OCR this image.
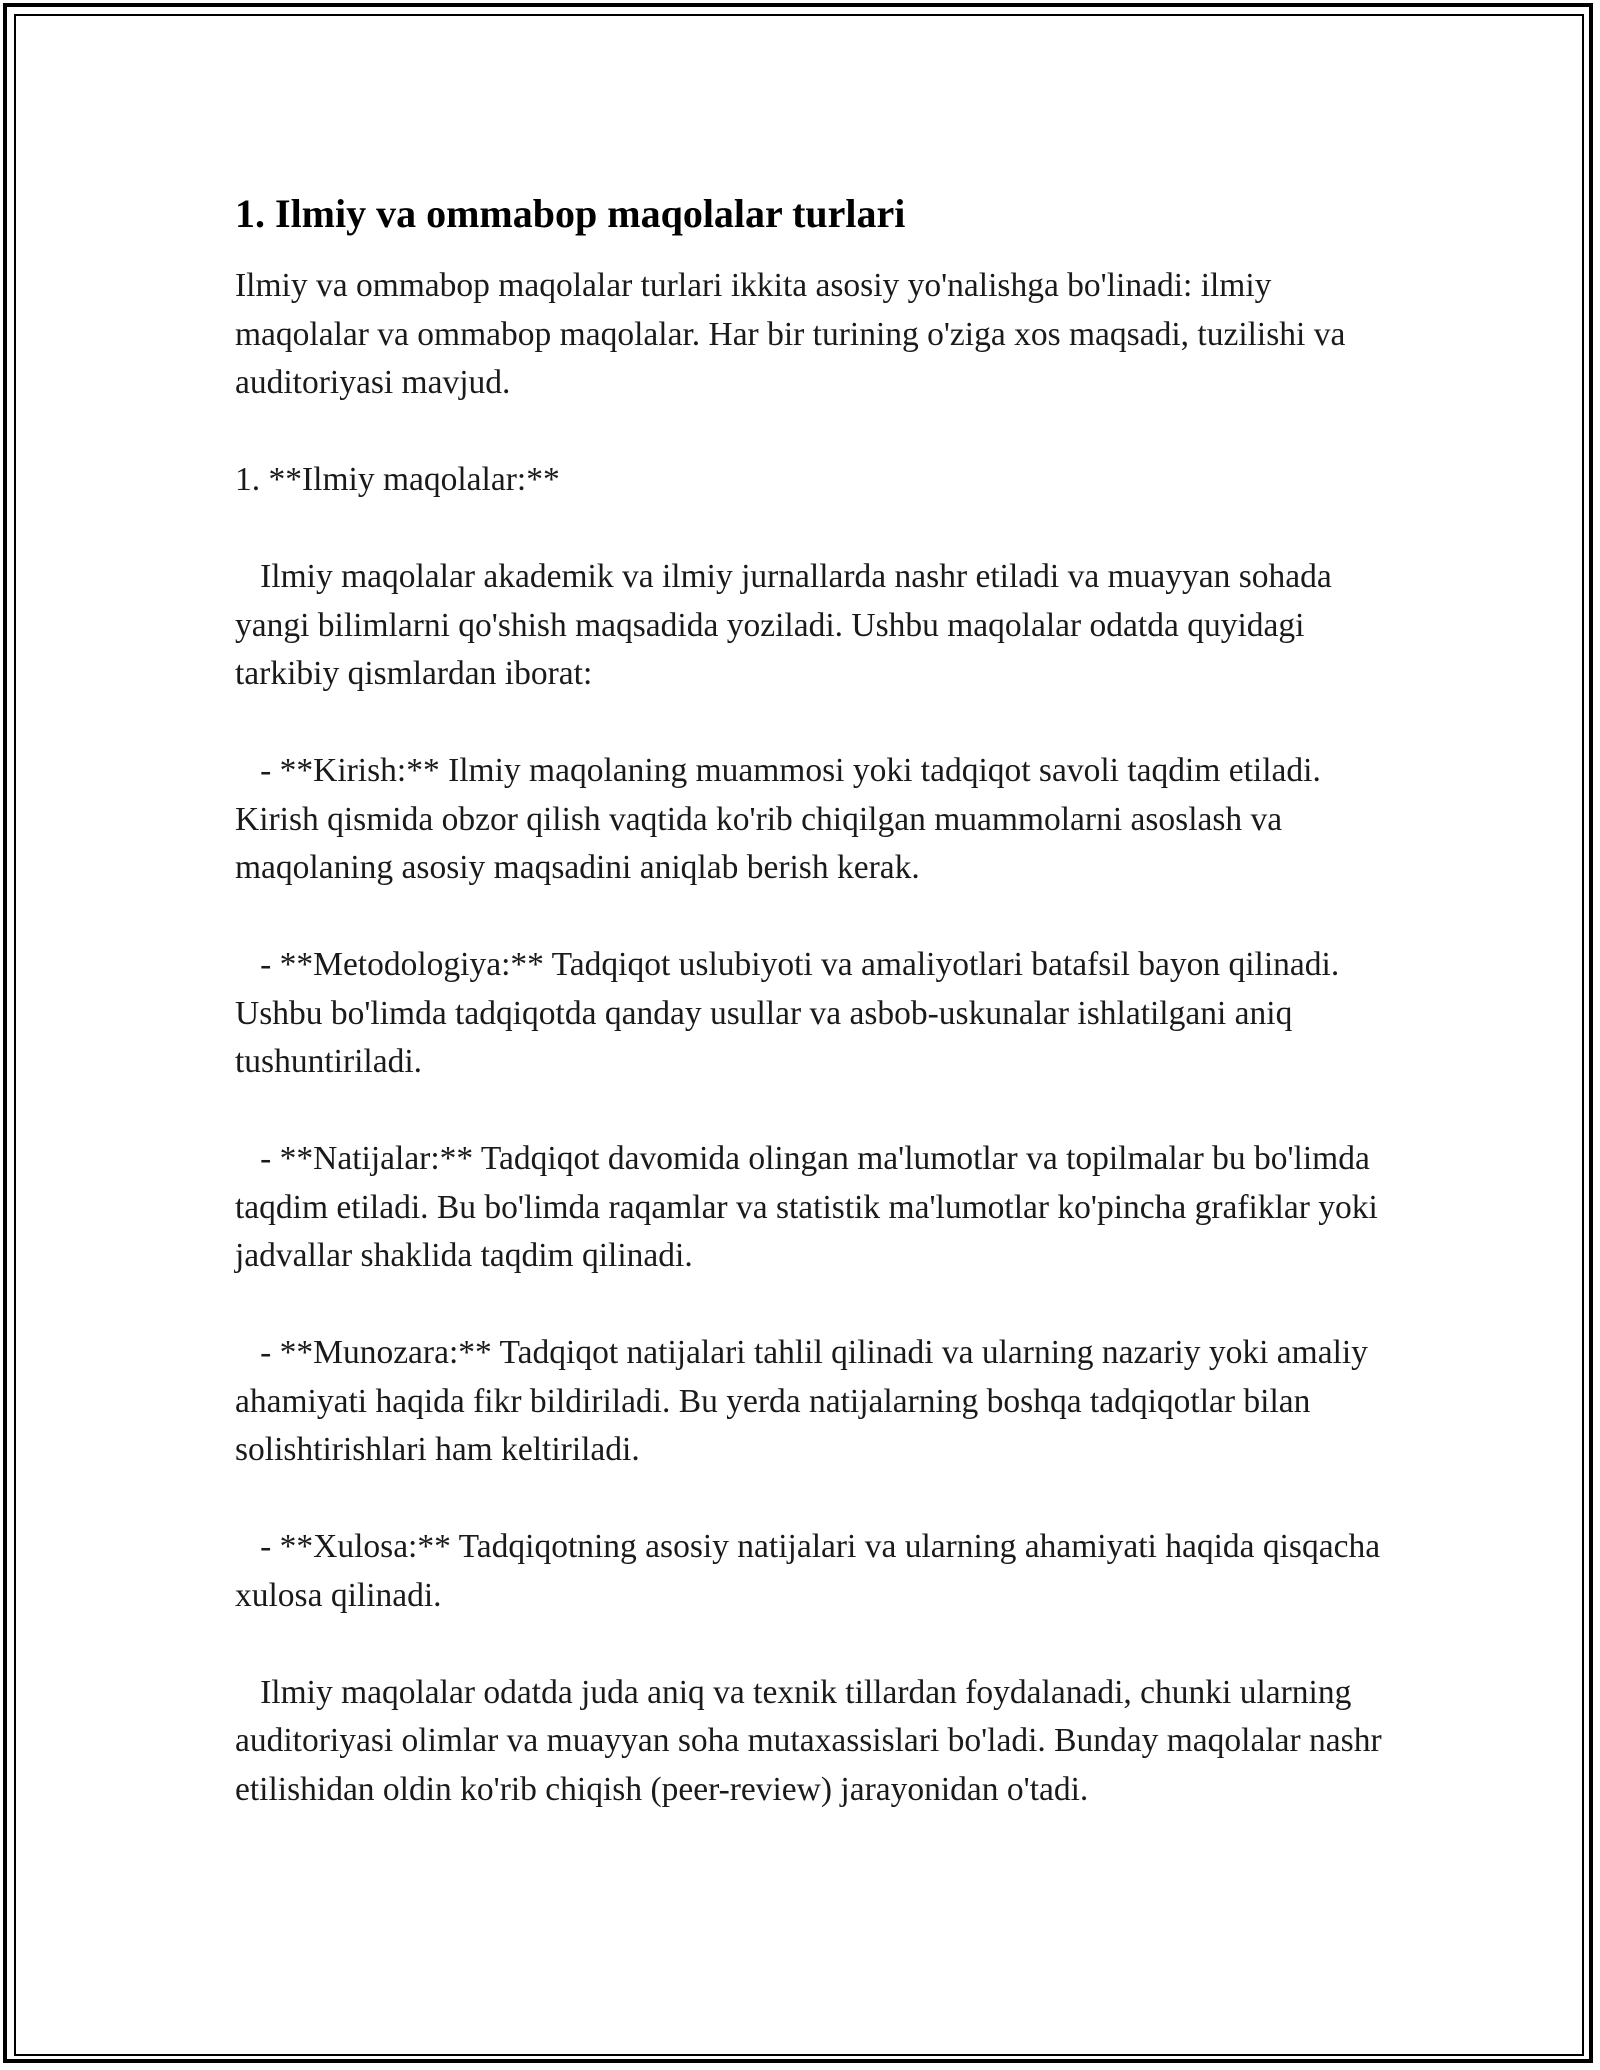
1. Ilmiy va ommabop maqolalar turlari

Ilmiy va ommabop maqolalar turlari ikkita asosiy yo'nalishga bo'linadi: ilmiy maqolalar va ommabop maqolalar. Har bir turining o'ziga xos maqsadi, tuzilishi va auditoriyasi mavjud.

1. **Ilmiy maqolalar:**

Ilmiy maqolalar akademik va ilmiy jurnallarda nashr etiladi va muayyan sohada yangi bilimlarni qo'shish maqsadida yoziladi. Ushbu maqolalar odatda quyidagi tarkibiy qismlardan iborat:

- **Kirish:** Ilmiy maqolaning muammosi yoki tadqiqot savoli taqdim etiladi. Kirish qismida obzor qilish vaqtida ko'rib chiqilgan muammolarni asoslash va maqolaning asosiy maqsadini aniqlab berish kerak.

- **Metodologiya:** Tadqiqot uslubiyoti va amaliyotlari batafsil bayon qilinadi. Ushbu bo'limda tadqiqotda qanday usullar va asbob-uskunalar ishlatilgani aniq tushuntiriladi.

- **Natijalar:** Tadqiqot davomida olingan ma'lumotlar va topilmalar bu bo'limda taqdim etiladi. Bu bo'limda raqamlar va statistik ma'lumotlar ko'pincha grafiklar yoki jadvallar shaklida taqdim qilinadi.

- **Munozara:** Tadqiqot natijalari tahlil qilinadi va ularning nazariy yoki amaliy ahamiyati haqida fikr bildiriladi. Bu yerda natijalarning boshqa tadqiqotlar bilan solishtirishlari ham keltiriladi.

- **Xulosa:** Tadqiqotning asosiy natijalari va ularning ahamiyati haqida qisqacha xulosa qilinadi.

Ilmiy maqolalar odatda juda aniq va texnik tillardan foydalanadi, chunki ularning auditoriyasi olimlar va muayyan soha mutaxassislari bo'ladi. Bunday maqolalar nashr etilishidan oldin ko'rib chiqish (peer-review) jarayonidan o'tadi.
